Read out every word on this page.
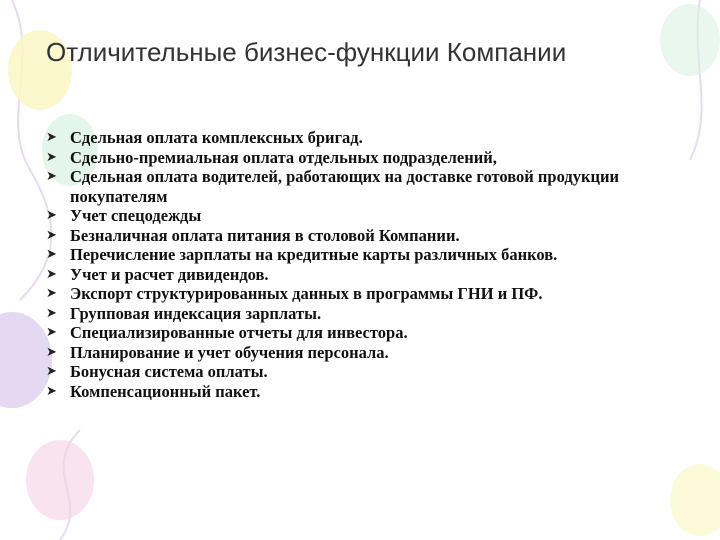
Отличительные бизнес-функции Компании
➤ Сдельная оплата комплексных бригад.
➤ Сдельно-премиальная оплата отдельных подразделений,
➤ Сдельная оплата водителей, работающих на доставке готовой продукции покупателям
➤ Учет спецодежды
➤ Безналичная оплата питания в столовой Компании.
➤ Перечисление зарплаты на кредитные карты различных банков.
➤ Учет и расчет дивидендов.
➤ Экспорт структурированных данных в программы ГНИ и ПФ.
➤ Групповая индексация зарплаты.
➤ Специализированные отчеты для инвестора.
➤ Планирование и учет обучения персонала.
➤ Бонусная система оплаты.
➤ Компенсационный пакет.
